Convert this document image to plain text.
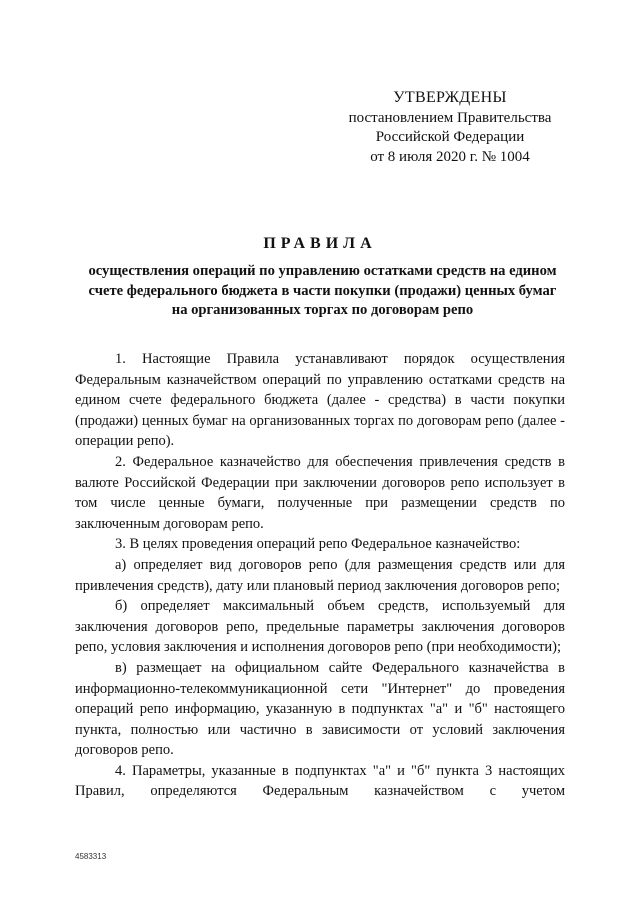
УТВЕРЖДЕНЫ
постановлением Правительства
Российской Федерации
от 8 июля 2020 г. № 1004
ПРАВИЛА
осуществления операций по управлению остатками средств на едином
счете федерального бюджета в части покупки (продажи) ценных бумаг
на организованных торгах по договорам репо

1. Настоящие Правила устанавливают порядок осуществления Федеральным казначейством операций по управлению остатками средств на едином счете федерального бюджета (далее - средства) в части покупки (продажи) ценных бумаг на организованных торгах по договорам репо (далее - операции репо).

2. Федеральное казначейство для обеспечения привлечения средств в валюте Российской Федерации при заключении договоров репо использует в том числе ценные бумаги, полученные при размещении средств по заключенным договорам репо.

3. В целях проведения операций репо Федеральное казначейство:

а) определяет вид договоров репо (для размещения средств или для привлечения средств), дату или плановый период заключения договоров репо;

б) определяет максимальный объем средств, используемый для заключения договоров репо, предельные параметры заключения договоров репо, условия заключения и исполнения договоров репо (при необходимости);

в) размещает на официальном сайте Федерального казначейства в информационно-телекоммуникационной сети "Интернет" до проведения операций репо информацию, указанную в подпунктах "а" и "б" настоящего пункта, полностью или частично в зависимости от условий заключения договоров репо.

4. Параметры, указанные в подпунктах "а" и "б" пункта 3 настоящих Правил, определяются Федеральным казначейством с учетом

4583313
